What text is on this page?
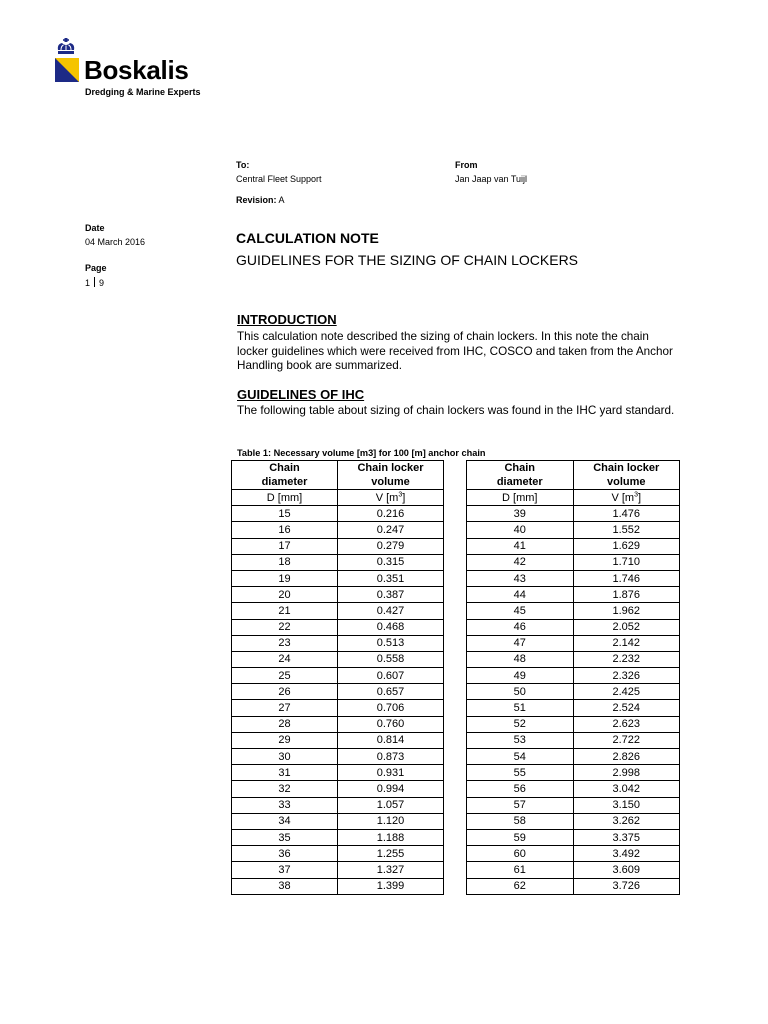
Boskalis
Dredging & Marine Experts
To:
Central Fleet Support
From
Jan Jaap van Tuijl
Revision: A
Date
04 March 2016
Page
1 9
CALCULATION NOTE
GUIDELINES FOR THE SIZING OF CHAIN LOCKERS
INTRODUCTION
This calculation note described the sizing of chain lockers. In this note the chain locker guidelines which were received from IHC, COSCO and taken from the Anchor Handling book are summarized.
GUIDELINES OF IHC
The following table about sizing of chain lockers was found in the IHC yard standard.
Table 1: Necessary volume [m3] for 100 [m] anchor chain
Chain	Chain locker
diameter	volume
D [mm]	V $[m^3]$
15	0.216
16	0.247
17	0.279
18	0.315
19	0.351
20	0.387
21	0.427
22	0.468
23	0.513
24	0.558
25	0.607
26	0.657
27	0.706
28	0.760
29	0.814
30	0.873
31	0.931
32	0.994
33	1.057
34	1.120
35	1.188
36	1.255
37	1.327
38	1.399
Chain	Chain locker
diameter	volume
D [mm]	V $[m^3]$
39	1.476
40	1.552
41	1.629
42	1.710
43	1.746
44	1.876
45	1.962
46	2.052
47	2.142
48	2.232
49	2.326
50	2.425
51	2.524
52	2.623
53	2.722
54	2.826
55	2.998
56	3.042
57	3.150
58	3.262
59	3.375
60	3.492
61	3.609
62	3.726
